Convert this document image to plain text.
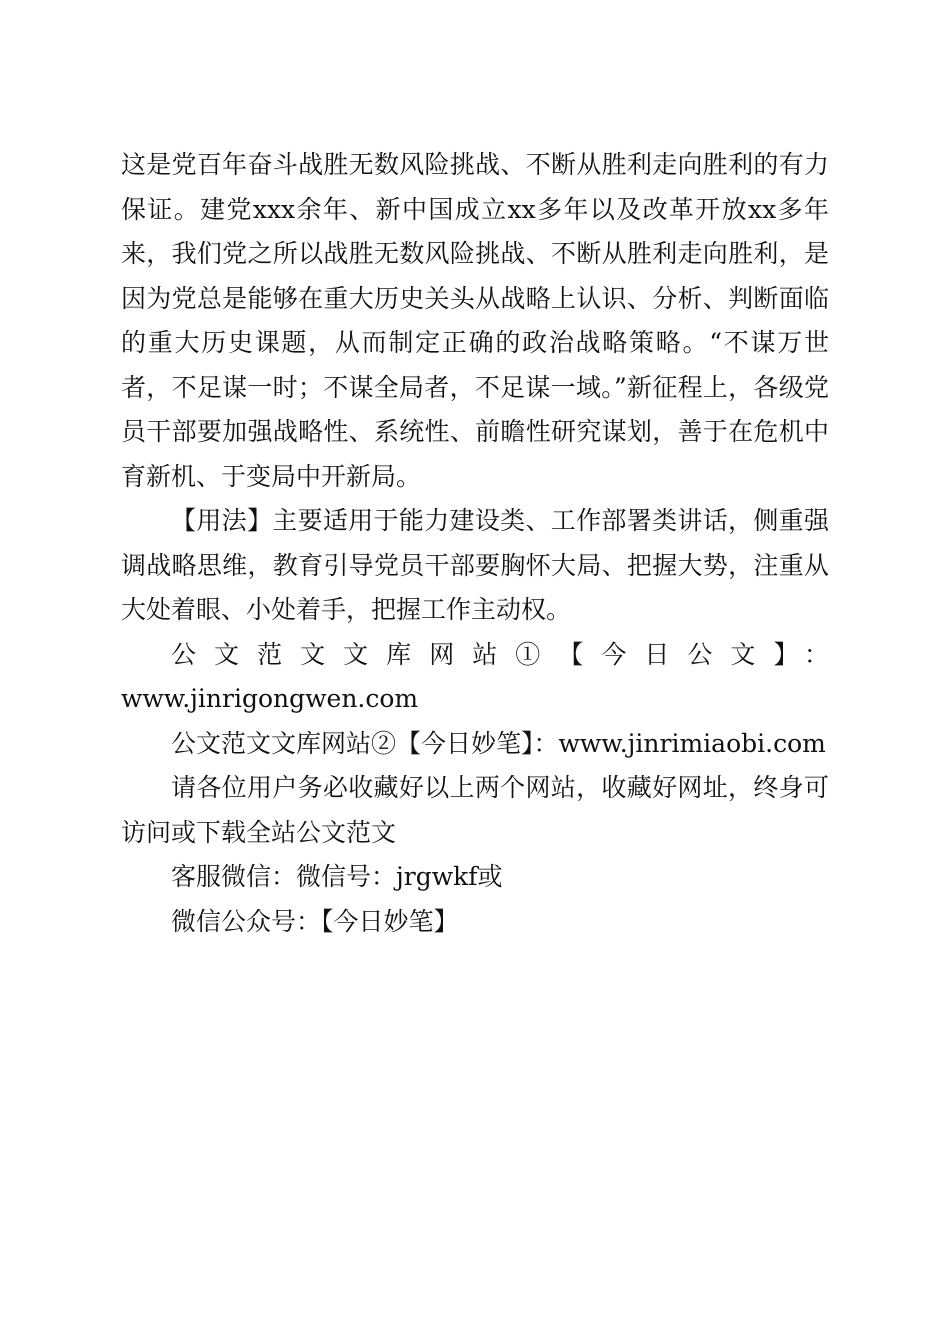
这是党百年奋斗战胜无数风险挑战、不断从胜利走向胜利的有力保证。建党xxx余年、新中国成立xx多年以及改革开放xx多年来，我们党之所以战胜无数风险挑战、不断从胜利走向胜利，是因为党总是能够在重大历史关头从战略上认识、分析、判断面临的重大历史课题，从而制定正确的政治战略策略。“不谋万世者，不足谋一时；不谋全局者，不足谋一域。”新征程上，各级党员干部要加强战略性、系统性、前瞻性研究谋划，善于在危机中育新机、于变局中开新局。

【用法】主要适用于能力建设类、工作部署类讲话，侧重强调战略思维，教育引导党员干部要胸怀大局、把握大势，注重从大处着眼、小处着手，把握工作主动权。

公文范文文库网站①【今日公文】：

www.jinrigongwen.com

公文范文文库网站②【今日妙笔】：www.jinrimiaobi.com

请各位用户务必收藏好以上两个网站，收藏好网址，终身可访问或下载全站公文范文

客服微信：微信号：jrgwkf或

微信公众号：【今日妙笔】
